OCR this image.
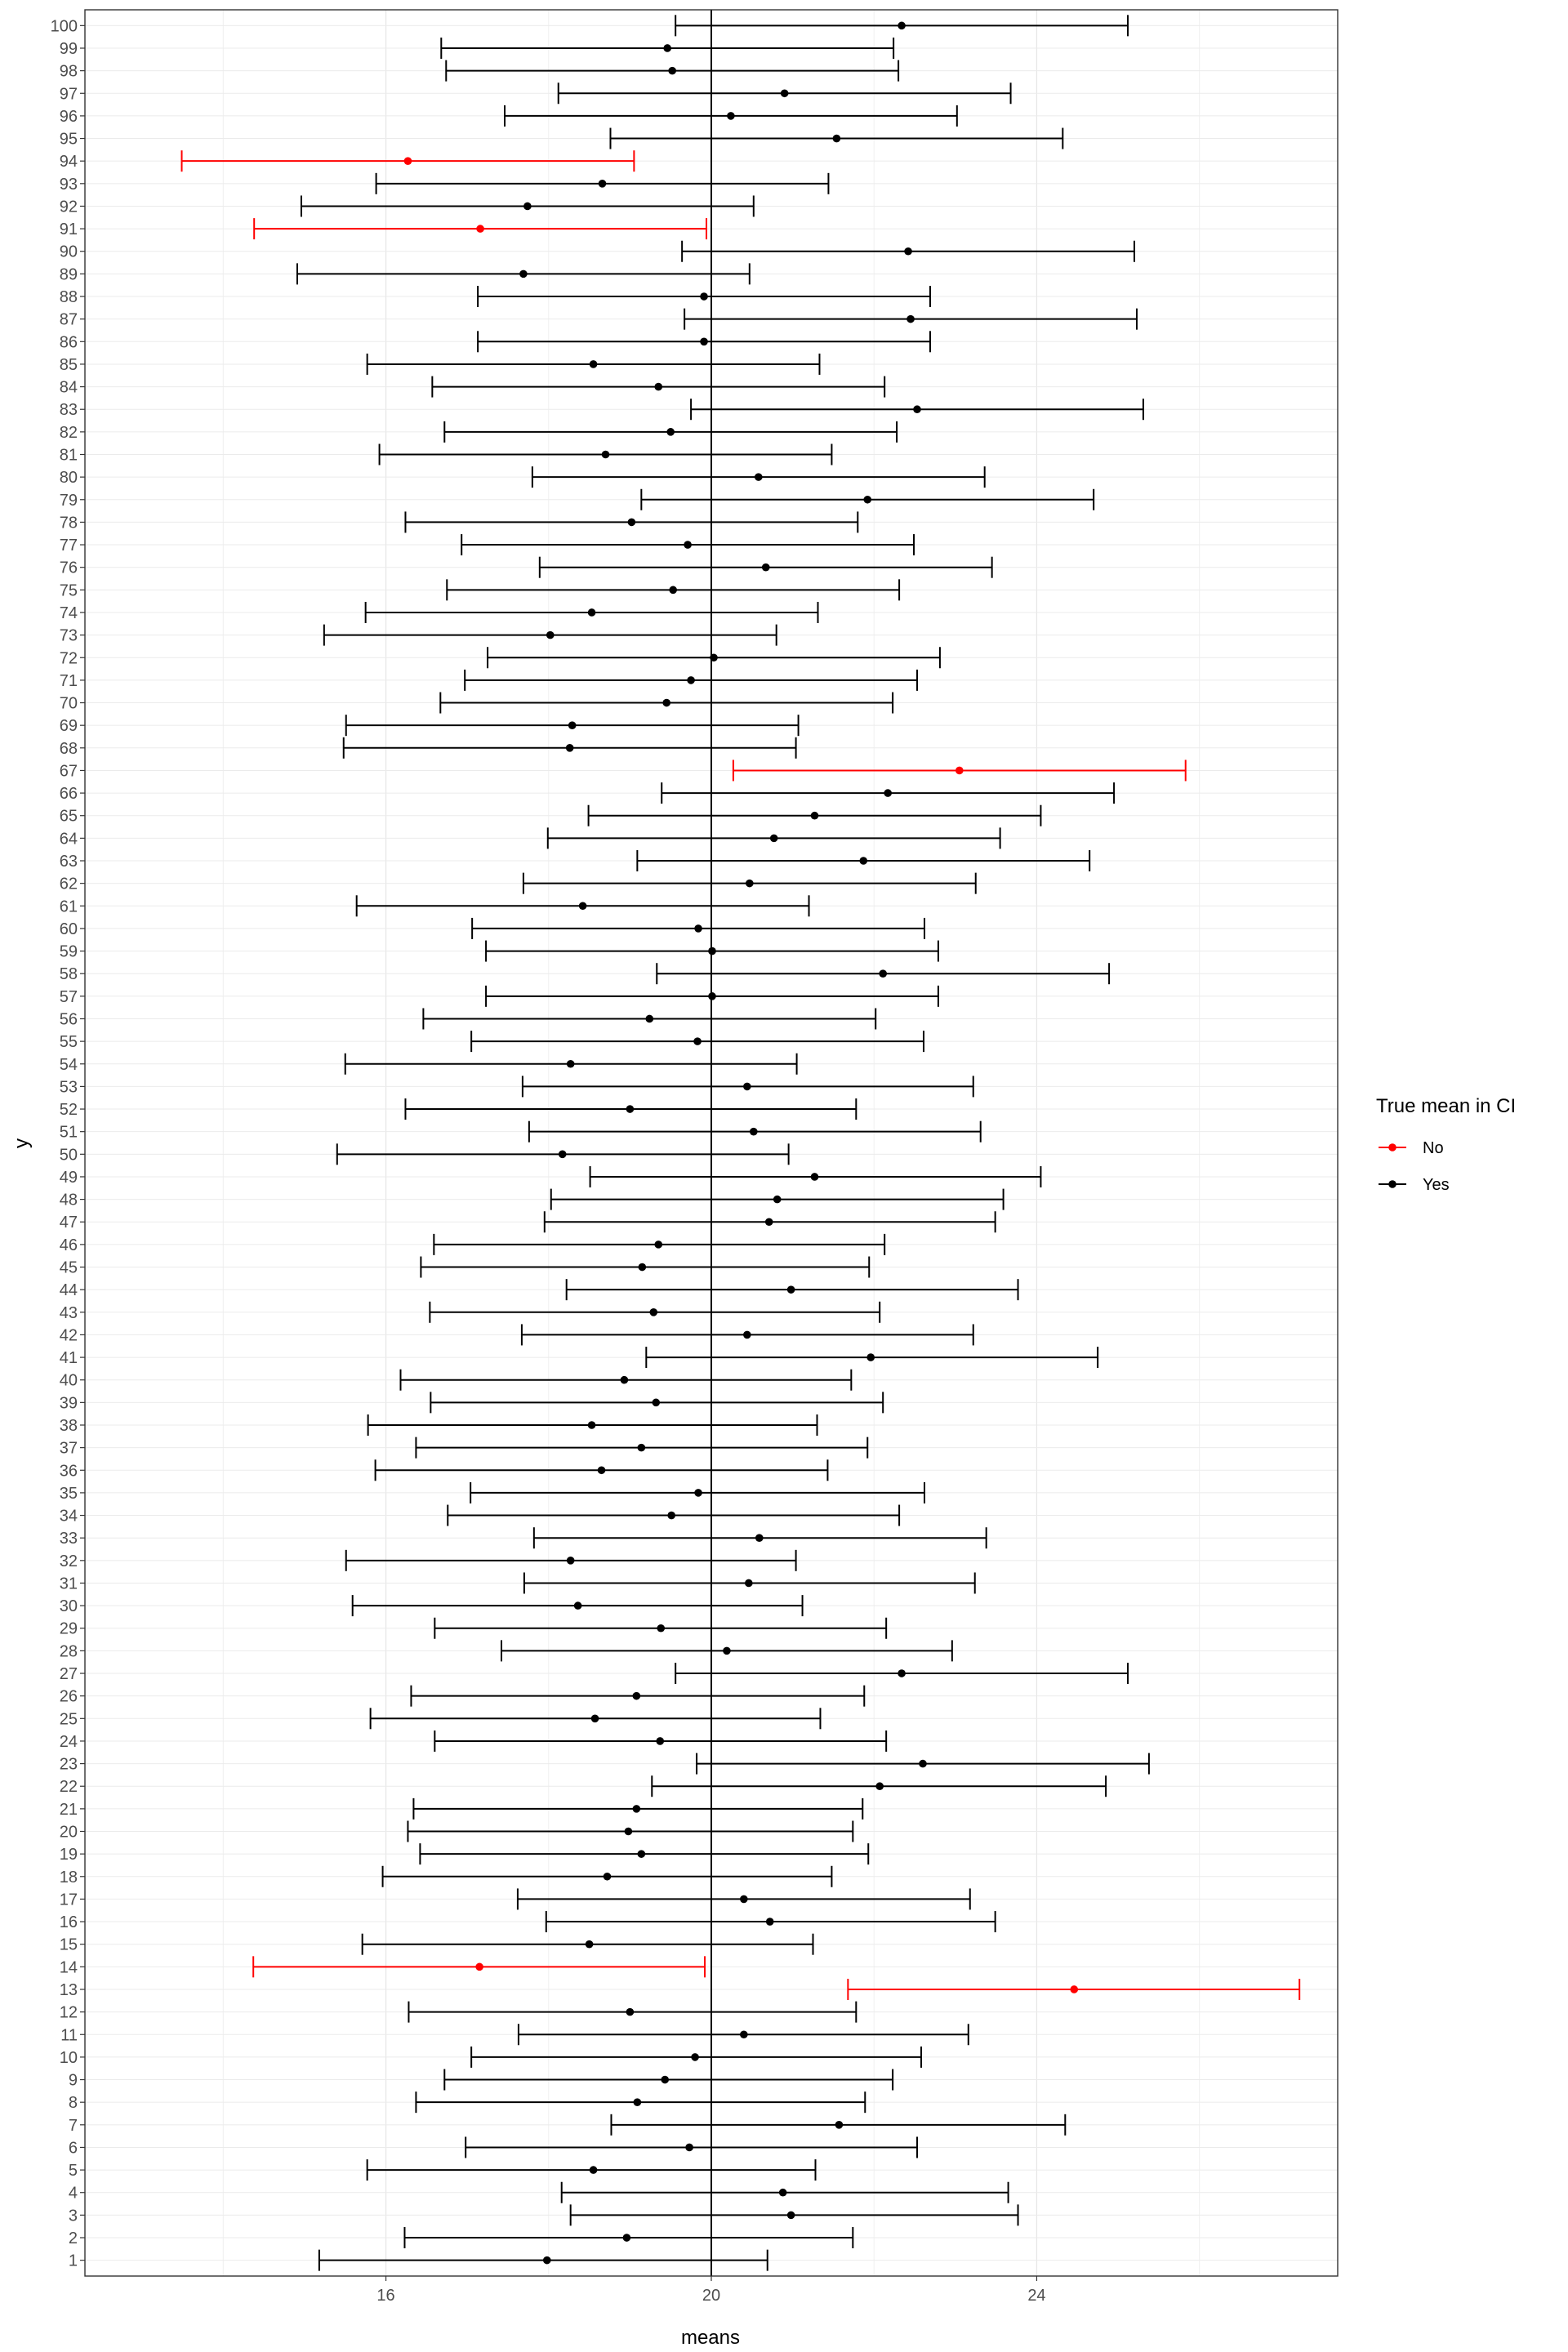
1
2
3
4
5
6
7
8
9
10
11
12
13
14
15
16
17
18
19
20
21
22
23
24
25
26
27
28
29
30
31
32
33
34
35
36
37
38
39
40
41
42
43
44
45
46
47
48
49
50
51
52
53
54
55
56
57
58
59
60
61
62
63
64
65
66
67
68
69
70
71
72
73
74
75
76
77
78
79
80
81
82
83
84
85
86
87
88
89
90
91
92
93
94
95
96
97
98
99
100
16	20	24
means
y
True mean in CI
No
Yes
